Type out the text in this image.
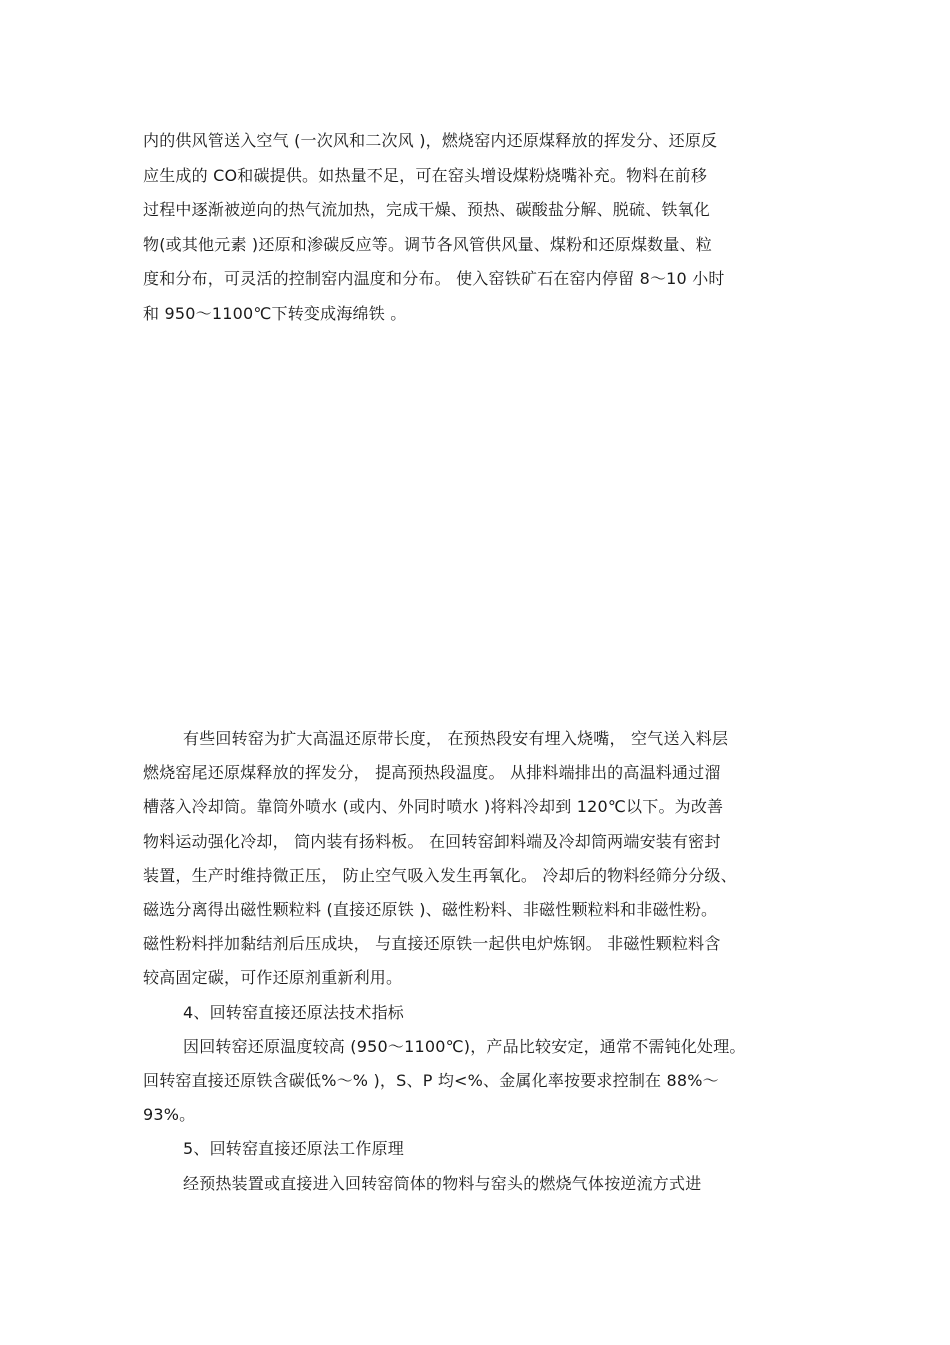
内的供风管送入空气 (一次风和二次风 )，燃烧窑内还原煤释放的挥发分、还原反
应生成的 CO和碳提供。如热量不足，可在窑头增设煤粉烧嘴补充。物料在前移
过程中逐渐被逆向的热气流加热，完成干燥、预热、碳酸盐分解、脱硫、铁氧化
物(或其他元素 )还原和渗碳反应等。调节各风管供风量、煤粉和还原煤数量、粒
度和分布，可灵活的控制窑内温度和分布。 使入窑铁矿石在窑内停留 8～10 小时
和 950～1100℃下转变成海绵铁 。
有些回转窑为扩大高温还原带长度， 在预热段安有埋入烧嘴， 空气送入料层
燃烧窑尾还原煤释放的挥发分， 提高预热段温度。 从排料端排出的高温料通过溜
槽落入冷却筒。靠筒外喷水 (或内、外同时喷水 )将料冷却到 120℃以下。为改善
物料运动强化冷却， 筒内装有扬料板。 在回转窑卸料端及冷却筒两端安装有密封
装置，生产时维持微正压， 防止空气吸入发生再氧化。 冷却后的物料经筛分分级、
磁选分离得出磁性颗粒料 (直接还原铁 )、磁性粉料、非磁性颗粒料和非磁性粉。
磁性粉料拌加黏结剂后压成块， 与直接还原铁一起供电炉炼钢。 非磁性颗粒料含
较高固定碳，可作还原剂重新利用。
4、回转窑直接还原法技术指标
因回转窑还原温度较高 (950～1100℃)，产品比较安定，通常不需钝化处理。
回转窑直接还原铁含碳低%～% )，S、P 均<%、金属化率按要求控制在 88%～
93%。
5、回转窑直接还原法工作原理
经预热装置或直接进入回转窑筒体的物料与窑头的燃烧气体按逆流方式进
